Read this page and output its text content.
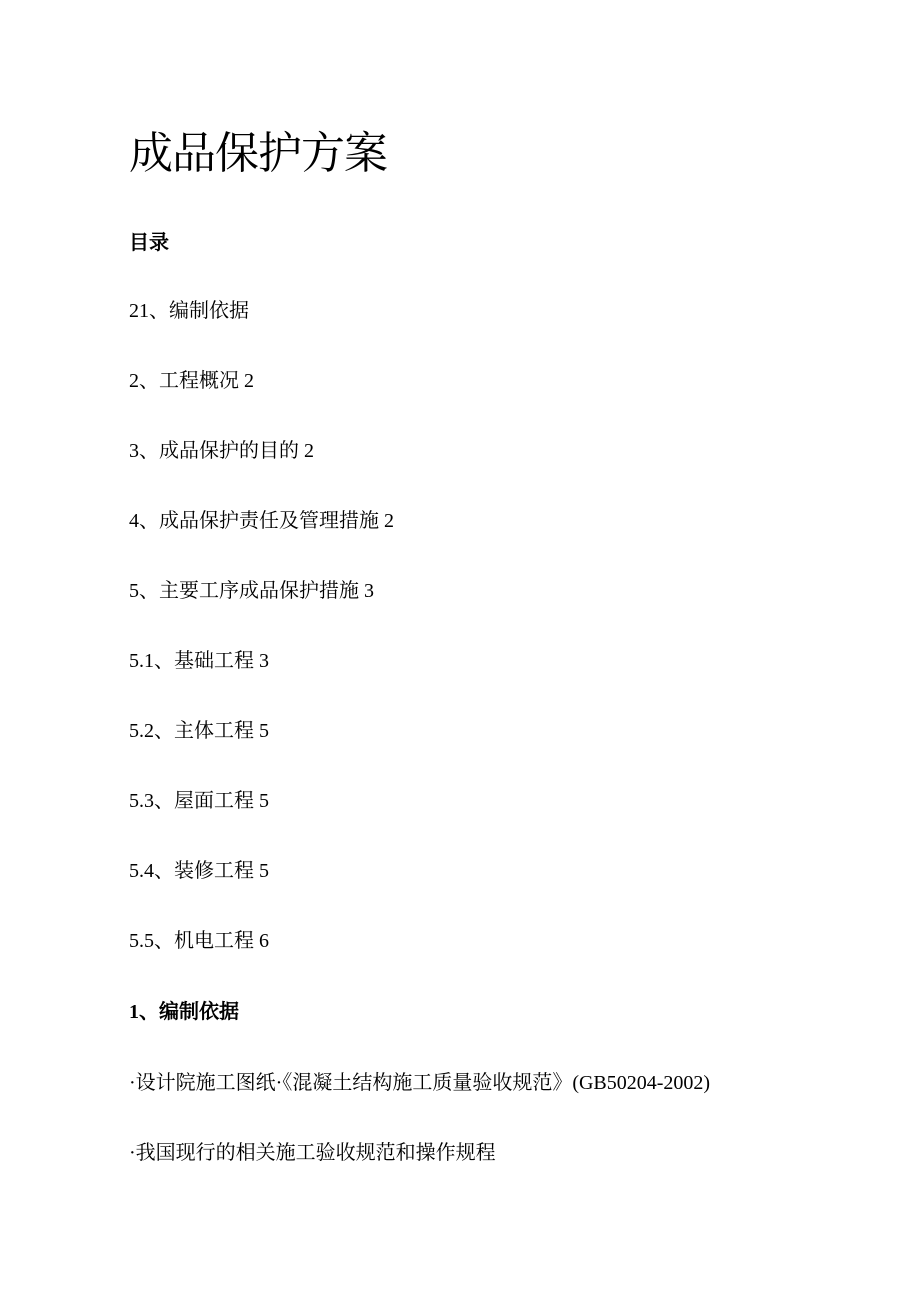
成品保护方案
目录
21、编制依据
2、工程概况 2
3、成品保护的目的 2
4、成品保护责任及管理措施 2
5、主要工序成品保护措施 3
5.1、基础工程 3
5.2、主体工程 5
5.3、屋面工程 5
5.4、装修工程 5
5.5、机电工程 6
1、编制依据

·设计院施工图纸·《混凝土结构施工质量验收规范》(GB50204-2002)

·我国现行的相关施工验收规范和操作规程
